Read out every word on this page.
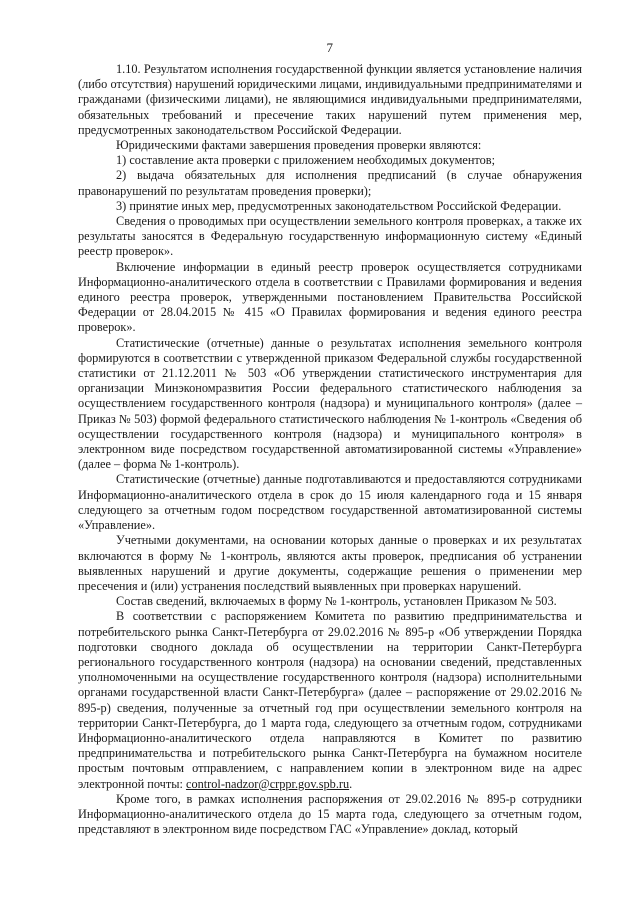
7

1.10. Результатом исполнения государственной функции является установление наличия (либо отсутствия) нарушений юридическими лицами, индивидуальными предпринимателями и гражданами (физическими лицами), не являющимися индивидуальными предпринимателями, обязательных требований и пресечение таких нарушений путем применения мер, предусмотренных законодательством Российской Федерации.

Юридическими фактами завершения проведения проверки являются:

1) составление акта проверки с приложением необходимых документов;

2) выдача обязательных для исполнения предписаний (в случае обнаружения правонарушений по результатам проведения проверки);

3) принятие иных мер, предусмотренных законодательством Российской Федерации.

Сведения о проводимых при осуществлении земельного контроля проверках, а также их результаты заносятся в Федеральную государственную информационную систему «Единый реестр проверок».

Включение информации в единый реестр проверок осуществляется сотрудниками Информационно-аналитического отдела в соответствии с Правилами формирования и ведения единого реестра проверок, утвержденными постановлением Правительства Российской Федерации от 28.04.2015 № 415 «О Правилах формирования и ведения единого реестра проверок».

Статистические (отчетные) данные о результатах исполнения земельного контроля формируются в соответствии с утвержденной приказом Федеральной службы государственной статистики от 21.12.2011 № 503 «Об утверждении статистического инструментария для организации Минэкономразвития России федерального статистического наблюдения за осуществлением государственного контроля (надзора) и муниципального контроля» (далее – Приказ № 503) формой федерального статистического наблюдения № 1-контроль «Сведения об осуществлении государственного контроля (надзора) и муниципального контроля» в электронном виде посредством государственной автоматизированной системы «Управление» (далее – форма № 1-контроль).

Статистические (отчетные) данные подготавливаются и предоставляются сотрудниками Информационно-аналитического отдела в срок до 15 июля календарного года и 15 января следующего за отчетным годом посредством государственной автоматизированной системы «Управление».

Учетными документами, на основании которых данные о проверках и их результатах включаются в форму № 1-контроль, являются акты проверок, предписания об устранении выявленных нарушений и другие документы, содержащие решения о применении мер пресечения и (или) устранения последствий выявленных при проверках нарушений.

Состав сведений, включаемых в форму № 1-контроль, установлен Приказом № 503.

В соответствии с распоряжением Комитета по развитию предпринимательства и потребительского рынка Санкт-Петербурга от 29.02.2016 № 895-р «Об утверждении Порядка подготовки сводного доклада об осуществлении на территории Санкт-Петербурга регионального государственного контроля (надзора) на основании сведений, представленных уполномоченными на осуществление государственного контроля (надзора) исполнительными органами государственной власти Санкт-Петербурга» (далее – распоряжение от 29.02.2016 № 895-р) сведения, полученные за отчетный год при осуществлении земельного контроля на территории Санкт-Петербурга, до 1 марта года, следующего за отчетным годом, сотрудниками Информационно-аналитического отдела направляются в Комитет по развитию предпринимательства и потребительского рынка Санкт-Петербурга на бумажном носителе простым почтовым отправлением, с направлением копии в электронном виде на адрес электронной почты: control-nadzor@crppr.gov.spb.ru.

Кроме того, в рамках исполнения распоряжения от 29.02.2016 № 895-р сотрудники Информационно-аналитического отдела до 15 марта года, следующего за отчетным годом, представляют в электронном виде посредством ГАС «Управление» доклад, который
